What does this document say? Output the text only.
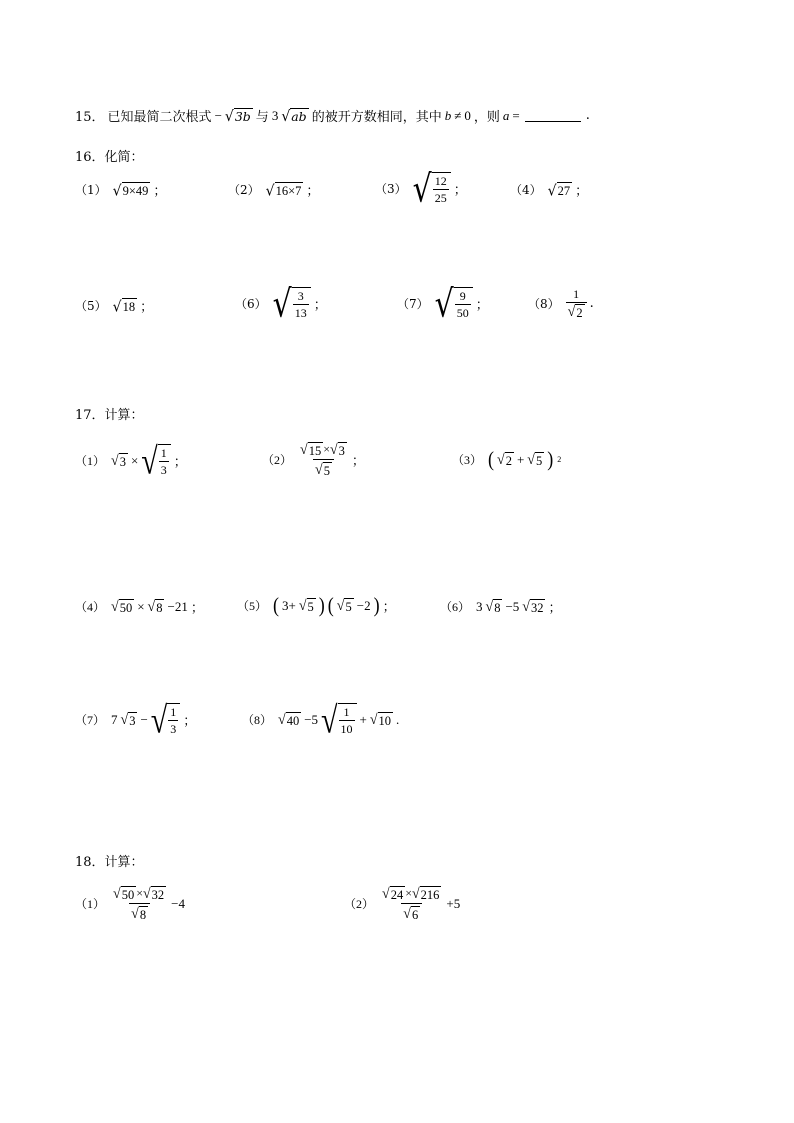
15． 已知最简二次根式 − √ 3b 与 3 √ ab 的被开方数相同，其中 b ≠ 0 ，则 a =	.
16．化简：
（1） √ 9×49 ；	（2） √ 16×7 ；	（3） √ $\frac{12}{25}$ ；	（4） √ 27 ；
（5） √ 18 ；	（6） √ $\frac{3}{13}$ ；	（7） √ $\frac{9}{50}$ ；	$(8) \frac{1}{√ 2}$ .
17．计算：
（1） √ 3 × √ $\frac{1}{3}$ ；	$(2) \frac{√ 15 \times √ 3}{√ 5}$ ；	（3） ( √ 2 + √ 5 ) 2
（4） √ 50 × √ 8 −21 ；	（5） ( 3+ √ 5 ) ( √ 5 −2 ) ；	（6） 3 √ 8 −5 √ 32 ；
（7） 7 √ 3 − √ $\frac{1}{3}$ ；	（8） √ 40 −5 √ $\frac{1}{10}$ + √ 10 .
18．计算：
$(1) \frac{√ 50 \times √ 32}{√ 8} -4$	$(2) \frac{√ 24 \times √ 216}{√ 6} +5$
